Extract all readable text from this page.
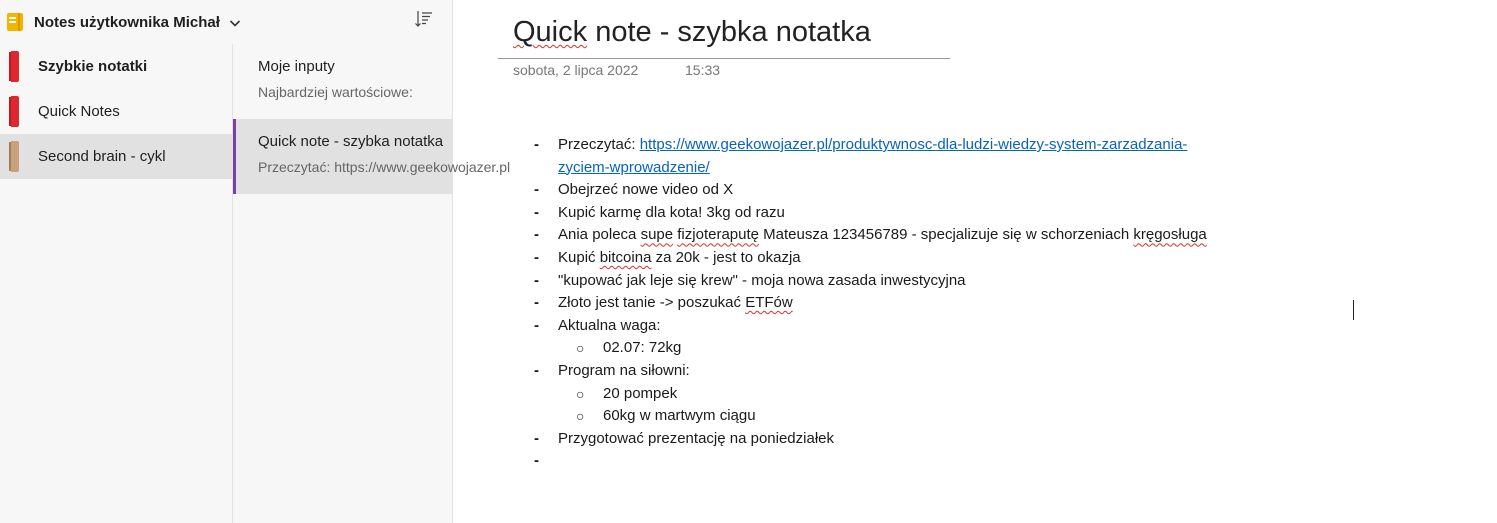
Notes użytkownika Michał
Szybkie notatki
Quick Notes
Second brain - cykl
Moje inputy
Najbardziej wartościowe:
Quick note - szybka notatka
Przeczytać: https://www.geekowojazer.pl
Quick note - szybka notatka
sobota, 2 lipca 2022	15:33
- Przeczytać: https://www.geekowojazer.pl/produktywnosc-dla-ludzi-wiedzy-system-zarzadzania-zyciem-wprowadzenie/
- Obejrzeć nowe video od X
- Kupić karmę dla kota! 3kg od razu
- Ania poleca supe fizjoteraputę Mateusza 123456789 - specjalizuje się w schorzeniach kręgosługa
- Kupić bitcoina za 20k - jest to okazja
- "kupować jak leje się krew" - moja nowa zasada inwestycyjna
- Złoto jest tanie -> poszukać ETFów
- Aktualna waga:
○ 02.07: 72kg
- Program na siłowni:
○ 20 pompek
○ 60kg w martwym ciągu
- Przygotować prezentację na poniedziałek
-
